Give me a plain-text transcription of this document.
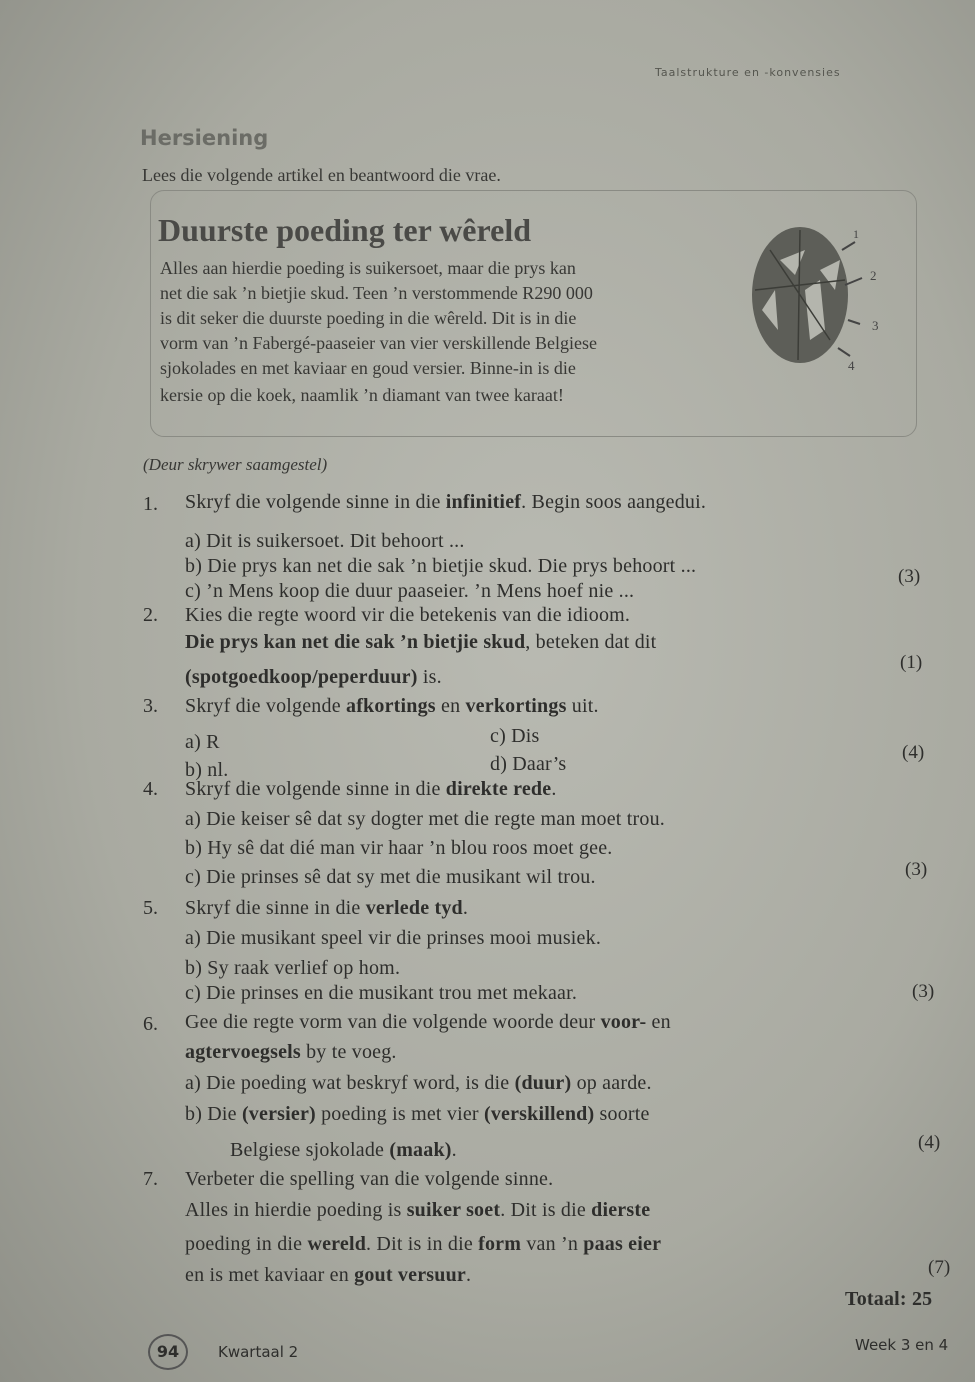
Taalstrukture en -konvensies
Hersiening
Lees die volgende artikel en beantwoord die vrae.
Duurste poeding ter wêreld
Alles aan hierdie poeding is suikersoet, maar die prys kan
net die sak ’n bietjie skud. Teen ’n verstommende R290 000
is dit seker die duurste poeding in die wêreld. Dit is in die
vorm van ’n Fabergé-paaseier van vier verskillende Belgiese
sjokolades en met kaviaar en goud versier. Binne-in is die
kersie op die koek, naamlik ’n diamant van twee karaat!
1
2
3
4
(Deur skrywer saamgestel)
1.
2.
3.
4.
5.
6.
7.
Skryf die volgende sinne in die infinitief. Begin soos aangedui.
a) Dit is suikersoet. Dit behoort ...
b) Die prys kan net die sak ’n bietjie skud. Die prys behoort ...
c) ’n Mens koop die duur paaseier. ’n Mens hoef nie ...
Kies die regte woord vir die betekenis van die idioom.
Die prys kan net die sak ’n bietjie skud, beteken dat dit
(spotgoedkoop/peperduur) is.
Skryf die volgende afkortings en verkortings uit.
a) R
b) nl.
c) Dis
d) Daar’s
Skryf die volgende sinne in die direkte rede.
a) Die keiser sê dat sy dogter met die regte man moet trou.
b) Hy sê dat dié man vir haar ’n blou roos moet gee.
c) Die prinses sê dat sy met die musikant wil trou.
Skryf die sinne in die verlede tyd.
a) Die musikant speel vir die prinses mooi musiek.
b) Sy raak verlief op hom.
c) Die prinses en die musikant trou met mekaar.
Gee die regte vorm van die volgende woorde deur voor- en
agtervoegsels by te voeg.
a) Die poeding wat beskryf word, is die (duur) op aarde.
b) Die (versier) poeding is met vier (verskillend) soorte
Belgiese sjokolade (maak).
Verbeter die spelling van die volgende sinne.
Alles in hierdie poeding is suiker soet. Dit is die dierste
poeding in die wereld. Dit is in die form van ’n paas eier
en is met kaviaar en gout versuur.
(3)
(1)
(4)
(3)
(3)
(4)
(7)
Totaal: 25
94	Kwartaal 2	Week 3 en 4
